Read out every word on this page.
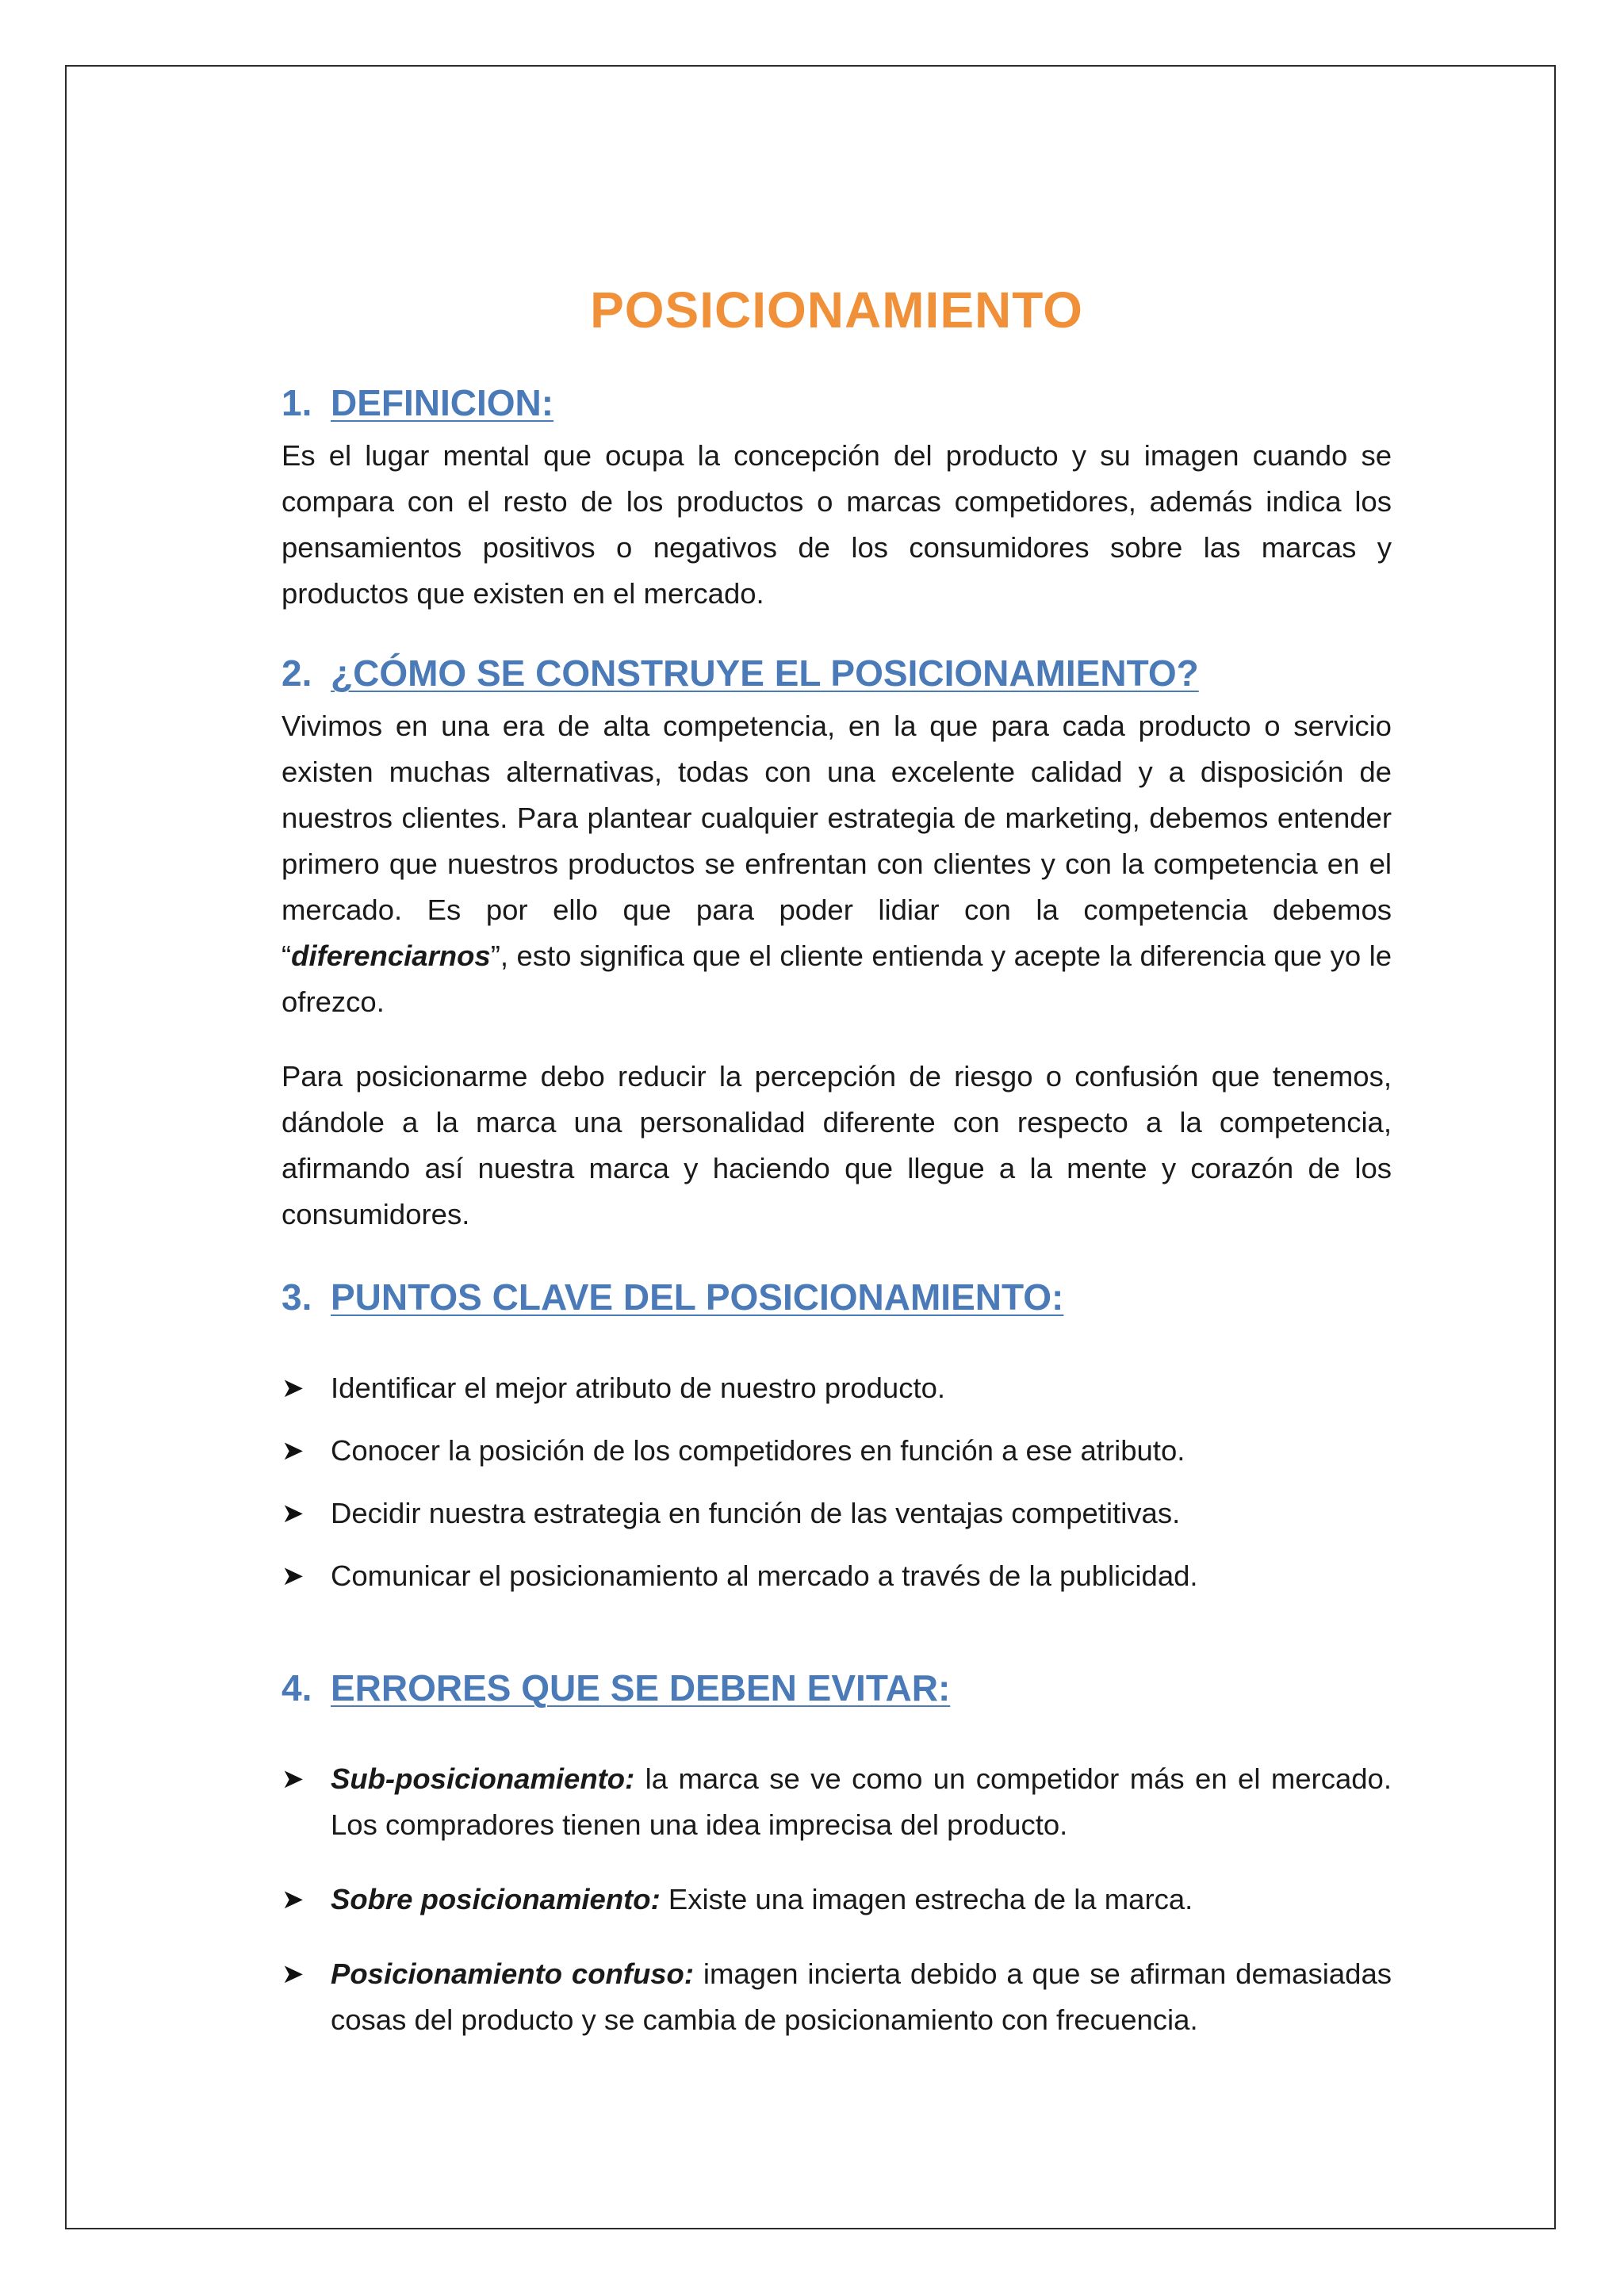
POSICIONAMIENTO
1. DEFINICION:

Es el lugar mental que ocupa la concepción del producto y su imagen cuando se compara con el resto de los productos o marcas competidores, además indica los pensamientos positivos o negativos de los consumidores sobre las marcas y productos que existen en el mercado.

2. ¿CÓMO SE CONSTRUYE EL POSICIONAMIENTO?

Vivimos en una era de alta competencia, en la que para cada producto o servicio existen muchas alternativas, todas con una excelente calidad y a disposición de nuestros clientes. Para plantear cualquier estrategia de marketing, debemos entender primero que nuestros productos se enfrentan con clientes y con la competencia en el mercado. Es por ello que para poder lidiar con la competencia debemos “diferenciarnos”, esto significa que el cliente entienda y acepte la diferencia que yo le ofrezco.

Para posicionarme debo reducir la percepción de riesgo o confusión que tenemos, dándole a la marca una personalidad diferente con respecto a la competencia, afirmando así nuestra marca y haciendo que llegue a la mente y corazón de los consumidores.

3. PUNTOS CLAVE DEL POSICIONAMIENTO:
➤ Identificar el mejor atributo de nuestro producto.
➤ Conocer la posición de los competidores en función a ese atributo.
➤ Decidir nuestra estrategia en función de las ventajas competitivas.
➤ Comunicar el posicionamiento al mercado a través de la publicidad.
4. ERRORES QUE SE DEBEN EVITAR:
➤ Sub-posicionamiento: la marca se ve como un competidor más en el mercado. Los compradores tienen una idea imprecisa del producto.
➤ Sobre posicionamiento: Existe una imagen estrecha de la marca.
➤ Posicionamiento confuso: imagen incierta debido a que se afirman demasiadas cosas del producto y se cambia de posicionamiento con frecuencia.
